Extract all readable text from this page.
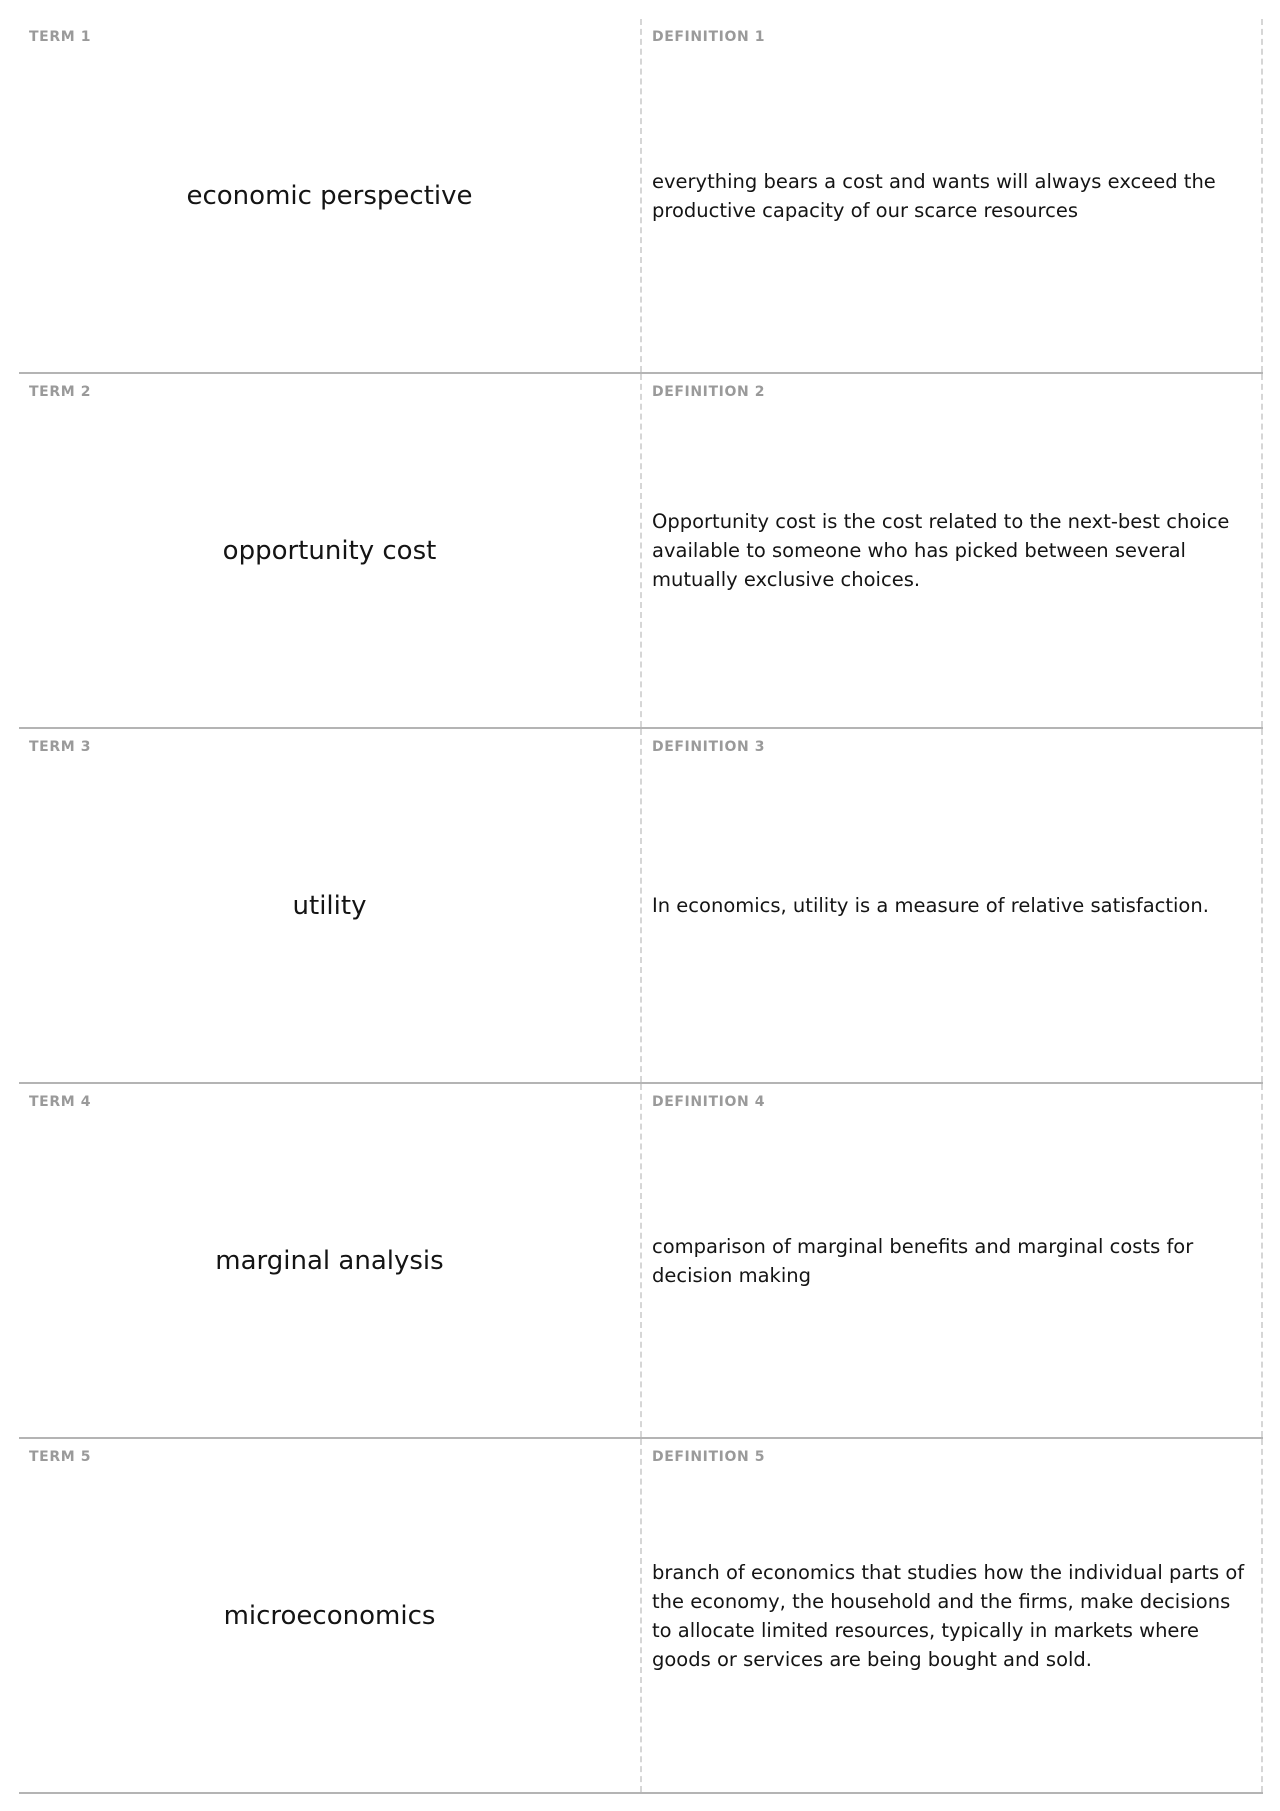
TERM 1
economic perspective
DEFINITION 1
everything bears a cost and wants will always exceed the productive capacity of our scarce resources
TERM 2
opportunity cost
DEFINITION 2
Opportunity cost is the cost related to the next-best choice available to someone who has picked between several mutually exclusive choices.
TERM 3
utility
DEFINITION 3
In economics, utility is a measure of relative satisfaction.
TERM 4
marginal analysis
DEFINITION 4
comparison of marginal benefits and marginal costs for decision making
TERM 5
microeconomics
DEFINITION 5
branch of economics that studies how the individual parts of the economy, the household and the firms, make decisions to allocate limited resources, typically in markets where goods or services are being bought and sold.
